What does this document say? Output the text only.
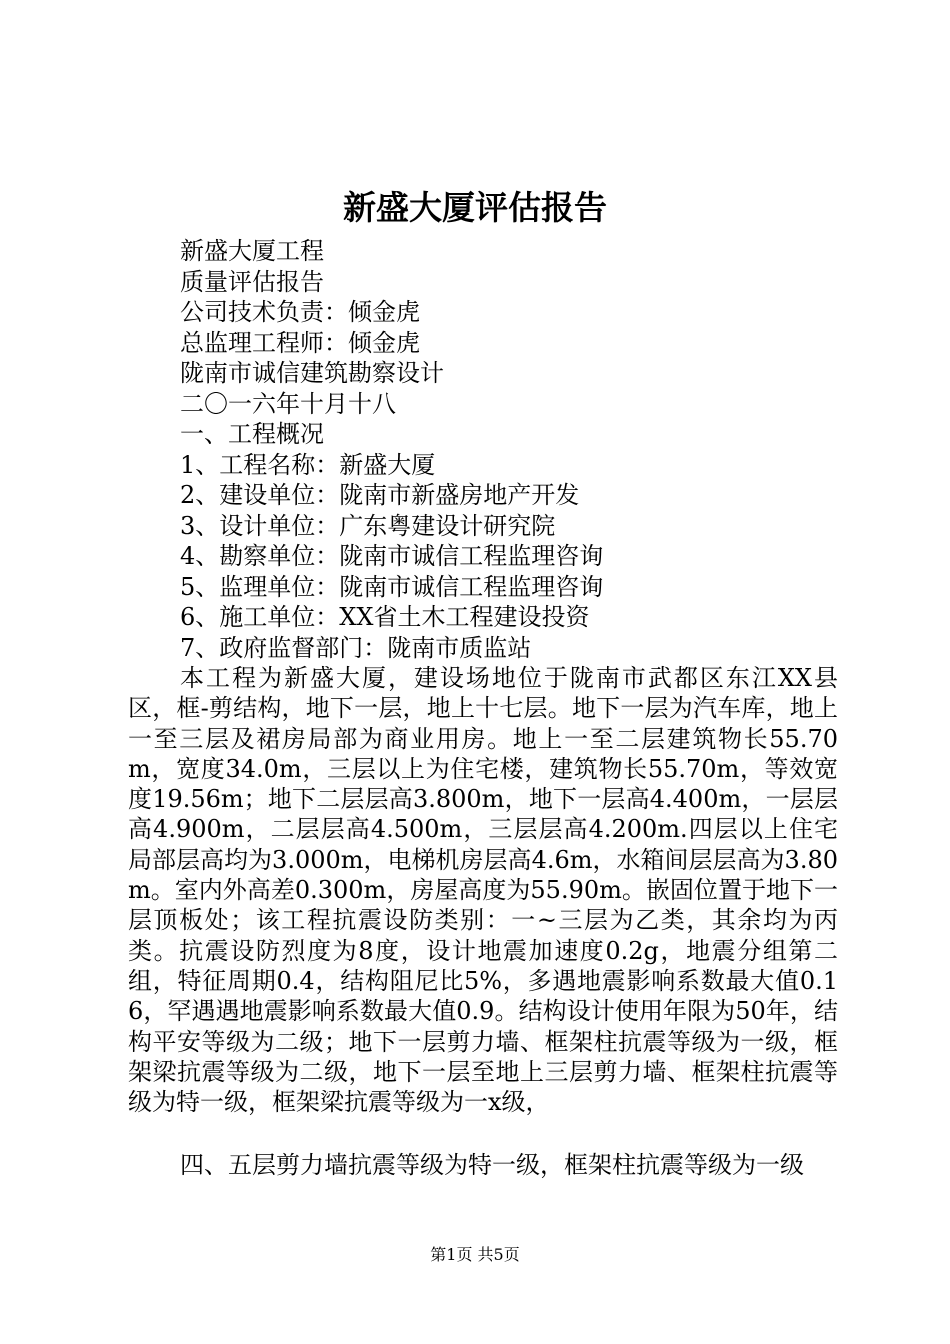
新盛大厦评估报告
新盛大厦工程
质量评估报告
公司技术负责：倾金虎
总监理工程师：倾金虎
陇南市诚信建筑勘察设计
二〇一六年十月十八
一、工程概况
1、工程名称：新盛大厦
2、建设单位：陇南市新盛房地产开发
3、设计单位：广东粤建设计研究院
4、勘察单位：陇南市诚信工程监理咨询
5、监理单位：陇南市诚信工程监理咨询
6、施工单位：XX省土木工程建设投资
7、政府监督部门：陇南市质监站
本工程为新盛大厦，建设场地位于陇南市武都区东江XX县区，框-剪结构，地下一层，地上十七层。地下一层为汽车库，地上一至三层及裙房局部为商业用房。地上一至二层建筑物长55.70m，宽度34.0m，三层以上为住宅楼，建筑物长55.70m，等效宽度19.56m；地下二层层高3.800m，地下一层高4.400m，一层层高4.900m，二层层高4.500m，三层层高4.200m.四层以上住宅局部层高均为3.000m，电梯机房层高4.6m，水箱间层层高为3.80m。室内外高差0.300m，房屋高度为55.90m。嵌固位置于地下一层顶板处；该工程抗震设防类别：一~三层为乙类，其余均为丙类。抗震设防烈度为8度，设计地震加速度0.2g，地震分组第二组，特征周期0.4，结构阻尼比5%，多遇地震影响系数最大值0.16，罕遇遇地震影响系数最大值0.9。结构设计使用年限为50年，结构平安等级为二级；地下一层剪力墙、框架柱抗震等级为一级，框架梁抗震等级为二级，地下一层至地上三层剪力墙、框架柱抗震等级为特一级，框架梁抗震等级为一x级，
四、五层剪力墙抗震等级为特一级，框架柱抗震等级为一级
第1页 共5页
